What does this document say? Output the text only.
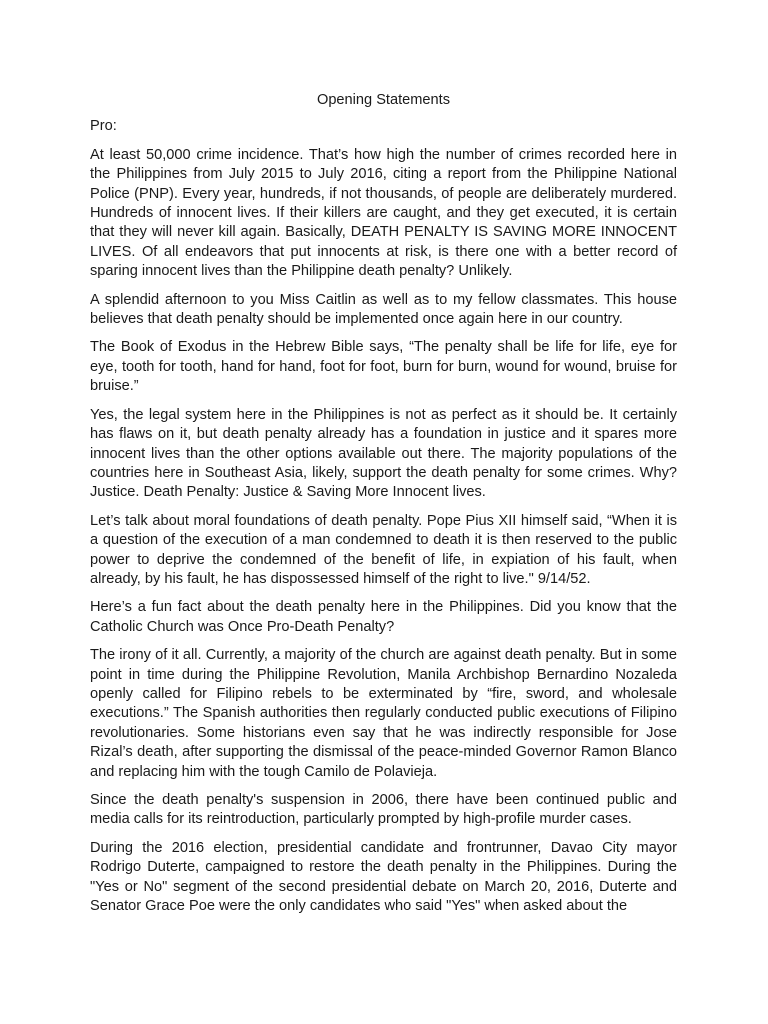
Opening Statements
Pro:

At least 50,000 crime incidence. That’s how high the number of crimes recorded here in the Philippines from July 2015 to July 2016, citing a report from the Philippine National Police (PNP). Every year, hundreds, if not thousands, of people are deliberately murdered. Hundreds of innocent lives. If their killers are caught, and they get executed, it is certain that they will never kill again. Basically, DEATH PENALTY IS SAVING MORE INNOCENT LIVES. Of all endeavors that put innocents at risk, is there one with a better record of sparing innocent lives than the Philippine death penalty? Unlikely.

A splendid afternoon to you Miss Caitlin as well as to my fellow classmates. This house believes that death penalty should be implemented once again here in our country.

The Book of Exodus in the Hebrew Bible says, “The penalty shall be life for life, eye for eye, tooth for tooth, hand for hand, foot for foot, burn for burn, wound for wound, bruise for bruise.”

Yes, the legal system here in the Philippines is not as perfect as it should be. It certainly has flaws on it, but death penalty already has a foundation in justice and it spares more innocent lives than the other options available out there. The majority populations of the countries here in Southeast Asia, likely, support the death penalty for some crimes. Why? Justice. Death Penalty: Justice & Saving More Innocent lives.

Let’s talk about moral foundations of death penalty. Pope Pius XII himself said, “When it is a question of the execution of a man condemned to death it is then reserved to the public power to deprive the condemned of the benefit of life, in expiation of his fault, when already, by his fault, he has dispossessed himself of the right to live." 9/14/52.

Here’s a fun fact about the death penalty here in the Philippines. Did you know that the Catholic Church was Once Pro-Death Penalty?

The irony of it all. Currently, a majority of the church are against death penalty. But in some point in time during the Philippine Revolution, Manila Archbishop Bernardino Nozaleda openly called for Filipino rebels to be exterminated by “fire, sword, and wholesale executions.” The Spanish authorities then regularly conducted public executions of Filipino revolutionaries. Some historians even say that he was indirectly responsible for Jose Rizal’s death, after supporting the dismissal of the peace-minded Governor Ramon Blanco and replacing him with the tough Camilo de Polavieja.

Since the death penalty's suspension in 2006, there have been continued public and media calls for its reintroduction, particularly prompted by high-profile murder cases.

During the 2016 election, presidential candidate and frontrunner, Davao City mayor Rodrigo Duterte, campaigned to restore the death penalty in the Philippines. During the "Yes or No" segment of the second presidential debate on March 20, 2016, Duterte and Senator Grace Poe were the only candidates who said "Yes" when asked about the
